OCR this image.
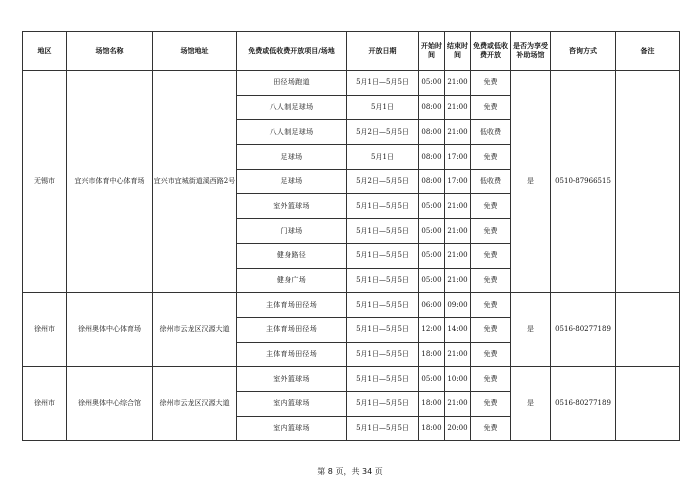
地区	场馆名称	场馆地址	免费或低收费开放项目/场地	开放日期	开始时间	结束时间	免费或低收费开放	是否为享受补助场馆	咨询方式	备注
无锡市	宜兴市体育中心体育场	宜兴市宜城街道溪西路2号	田径场跑道	5月1日—5月5日	05:00	21:00	免费	是	0510-87966515	
			八人制足球场	5月1日	08:00	21:00	免费			
			八人制足球场	5月2日—5月5日	08:00	21:00	低收费			
			足球场	5月1日	08:00	17:00	免费			
			足球场	5月2日—5月5日	08:00	17:00	低收费			
			室外篮球场	5月1日—5月5日	05:00	21:00	免费			
			门球场	5月1日—5月5日	05:00	21:00	免费			
			健身路径	5月1日—5月5日	05:00	21:00	免费			
			健身广场	5月1日—5月5日	05:00	21:00	免费			
徐州市	徐州奥体中心体育场	徐州市云龙区汉源大道	主体育场田径场	5月1日—5月5日	06:00	09:00	免费	是	0516-80277189	
			主体育场田径场	5月1日—5月5日	12:00	14:00	免费			
			主体育场田径场	5月1日—5月5日	18:00	21:00	免费			
徐州市	徐州奥体中心综合馆	徐州市云龙区汉源大道	室外篮球场	5月1日—5月5日	05:00	10:00	免费	是	0516-80277189	
			室内篮球场	5月1日—5月5日	18:00	21:00	免费			
			室内篮球场	5月1日—5月5日	18:00	20:00	免费			
第 8 页，共 34 页
